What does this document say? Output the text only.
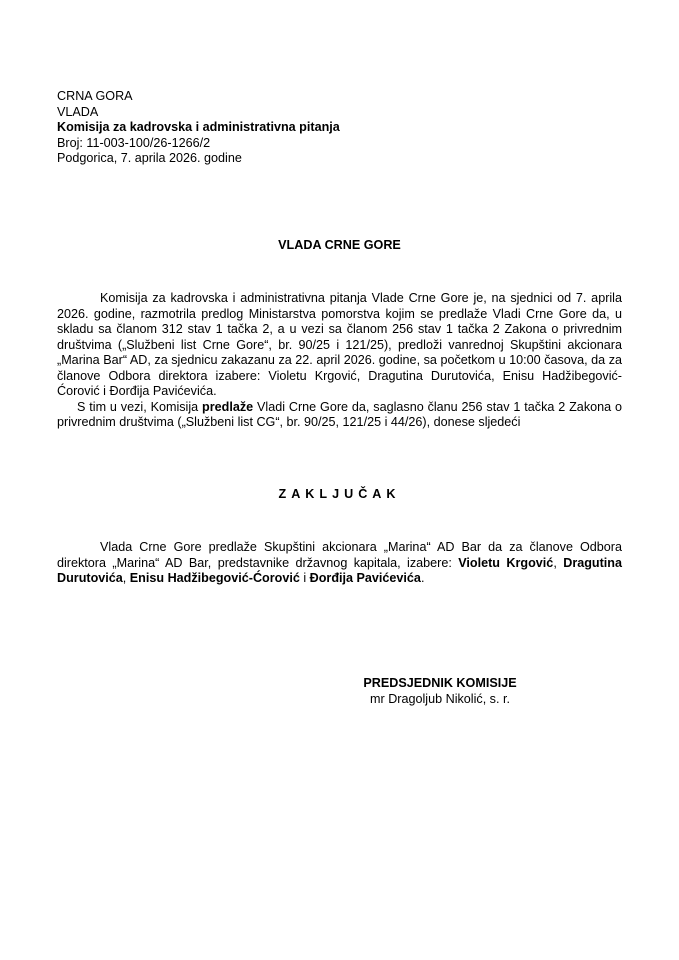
CRNA GORA
VLADA
Komisija za kadrovska i administrativna pitanja
Broj: 11-003-100/26-1266/2
Podgorica, 7. aprila 2026. godine
VLADA CRNE GORE

Komisija za kadrovska i administrativna pitanja Vlade Crne Gore je, na sjednici od 7. aprila 2026. godine, razmotrila predlog Ministarstva pomorstva kojim se predlaže Vladi Crne Gore da, u skladu sa članom 312 stav 1 tačka 2, a u vezi sa članom 256 stav 1 tačka 2 Zakona o privrednim društvima („Službeni list Crne Gore“, br. 90/25 i 121/25), predloži vanrednoj Skupštini akcionara „Marina Bar“ AD, za sjednicu zakazanu za 22. april 2026. godine, sa početkom u 10:00 časova, da za članove Odbora direktora izabere: Violetu Krgović, Dragutina Durutovića, Enisu Hadžibegović-Ćorović i Đorđija Pavićevića.

S tim u vezi, Komisija predlaže Vladi Crne Gore da, saglasno članu 256 stav 1 tačka 2 Zakona o privrednim društvima („Službeni list CG“, br. 90/25, 121/25 i 44/26), donese sljedeći

ZAKLJUČAK

Vlada Crne Gore predlaže Skupštini akcionara „Marina“ AD Bar da za članove Odbora direktora „Marina“ AD Bar, predstavnike državnog kapitala, izabere: Violetu Krgović, Dragutina Durutovića, Enisu Hadžibegović-Ćorović i Đorđija Pavićevića.

PREDSJEDNIK KOMISIJE
mr Dragoljub Nikolić, s. r.
